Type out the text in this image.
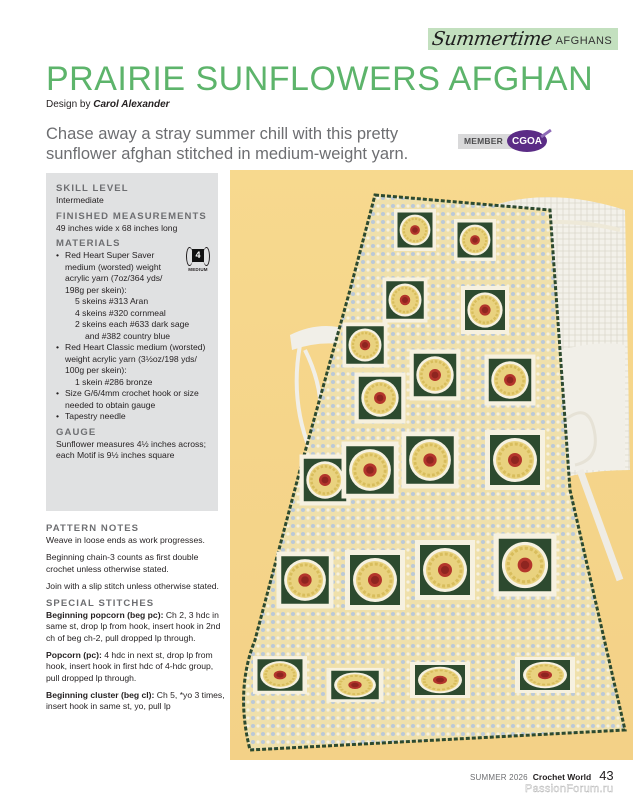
Summertime AFGHANS
PRAIRIE SUNFLOWERS AFGHAN
Design by Carol Alexander

Chase away a stray summer chill with this pretty sunflower afghan stitched in medium-weight yarn.

MEMBER CGOA
SKILL LEVEL
Intermediate
FINISHED MEASUREMENTS
49 inches wide x 68 inches long
MATERIALS
• Red Heart Super Saver medium (worsted) weight acrylic yarn (7oz/364 yds/ 198g per skein):
4
MEDIUM
5 skeins #313 Aran
4 skeins #320 cornmeal
2 skeins each #633 dark sage
and #382 country blue
• Red Heart Classic medium (worsted) weight acrylic yarn (3½oz/198 yds/ 100g per skein):
1 skein #286 bronze
• Size G/6/4mm crochet hook or size needed to obtain gauge
• Tapestry needle
GAUGE
Sunflower measures 4½ inches across; each Motif is 9½ inches square
PATTERN NOTES

Weave in loose ends as work progresses.

Beginning chain-3 counts as first double crochet unless otherwise stated.

Join with a slip stitch unless otherwise stated.

SPECIAL STITCHES

Beginning popcorn (beg pc): Ch 2, 3 hdc in same st, drop lp from hook, insert hook in 2nd ch of beg ch-2, pull dropped lp through.

Popcorn (pc): 4 hdc in next st, drop lp from hook, insert hook in first hdc of 4-hdc group, pull dropped lp through.

Beginning cluster (beg cl): Ch 5, *yo 3 times, insert hook in same st, yo, pull lp

SUMMER 2026 Crochet World 43
PassionForum.ru
